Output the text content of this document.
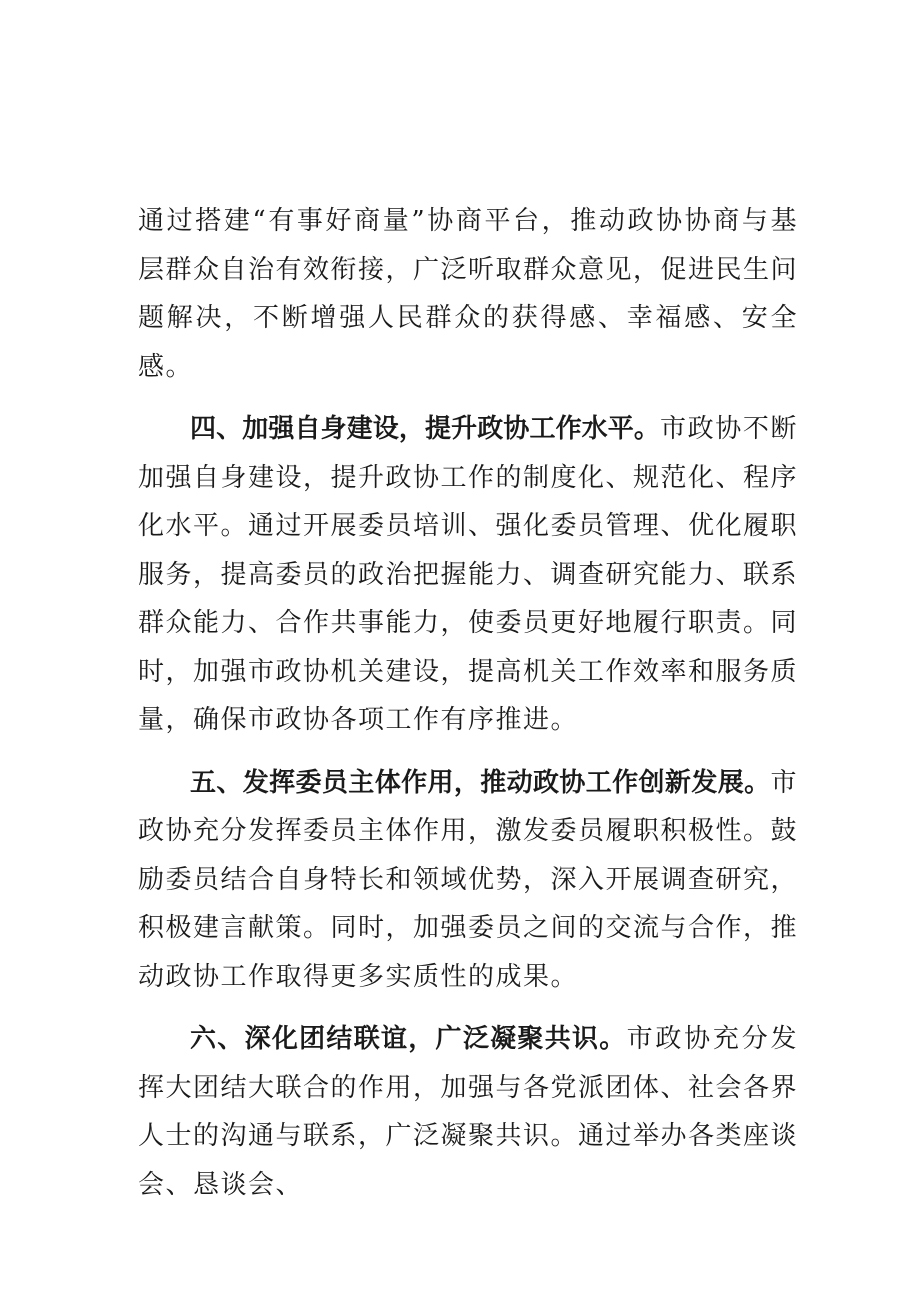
通过搭建“有事好商量”协商平台，推动政协协商与基层群众自治有效衔接，广泛听取群众意见，促进民生问题解决，不断增强人民群众的获得感、幸福感、安全感。

四、加强自身建设，提升政协工作水平。市政协不断加强自身建设，提升政协工作的制度化、规范化、程序化水平。通过开展委员培训、强化委员管理、优化履职服务，提高委员的政治把握能力、调查研究能力、联系群众能力、合作共事能力，使委员更好地履行职责。同时，加强市政协机关建设，提高机关工作效率和服务质量，确保市政协各项工作有序推进。

五、发挥委员主体作用，推动政协工作创新发展。市政协充分发挥委员主体作用，激发委员履职积极性。鼓励委员结合自身特长和领域优势，深入开展调查研究，积极建言献策。同时，加强委员之间的交流与合作，推动政协工作取得更多实质性的成果。

六、深化团结联谊，广泛凝聚共识。市政协充分发挥大团结大联合的作用，加强与各党派团体、社会各界人士的沟通与联系，广泛凝聚共识。通过举办各类座谈会、恳谈会、
